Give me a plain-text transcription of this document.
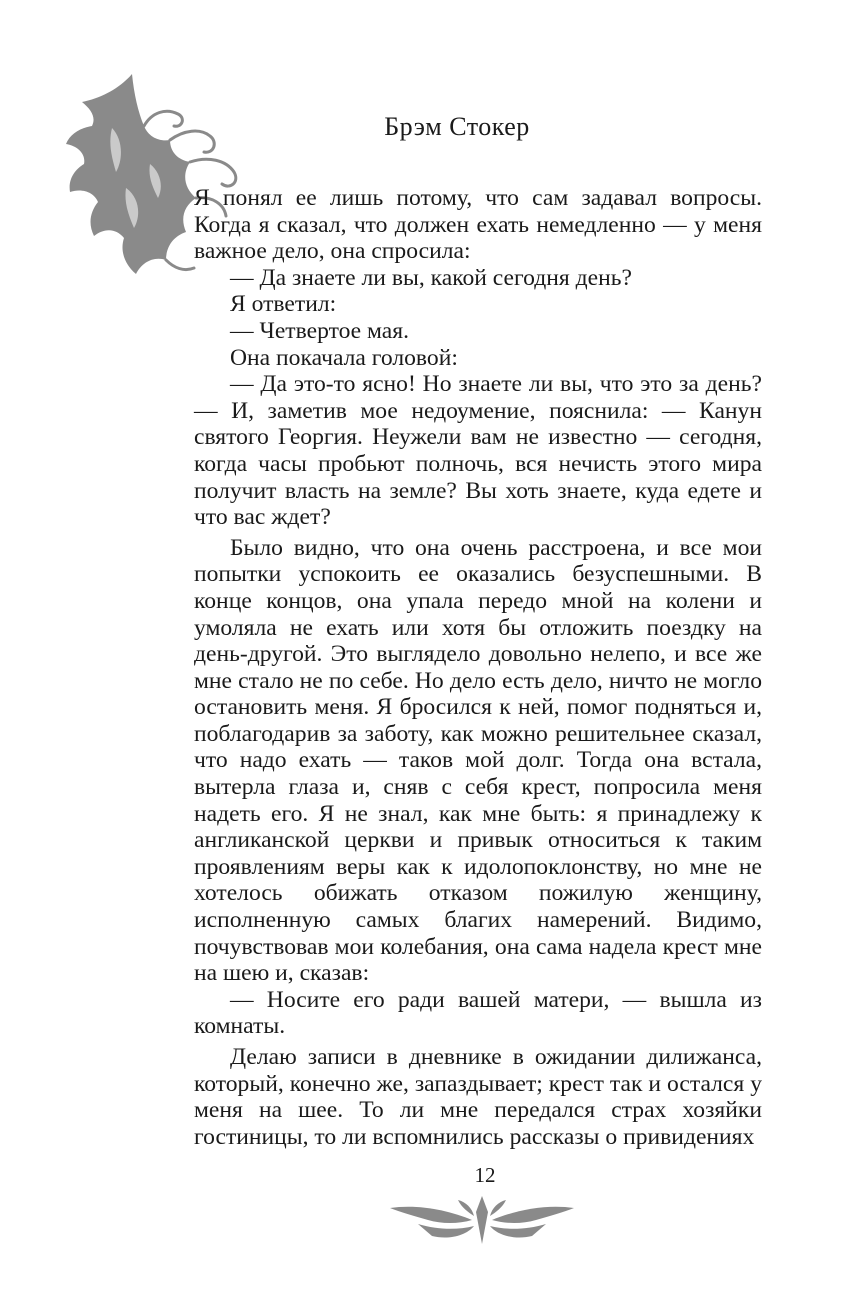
Брэм Стокер

Я понял ее лишь потому, что сам задавал вопросы. Когда я сказал, что должен ехать немедленно — у меня важное дело, она спросила:

— Да знаете ли вы, какой сегодня день?

Я ответил:

— Четвертое мая.

Она покачала головой:

— Да это-то ясно! Но знаете ли вы, что это за день? — И, заметив мое недоумение, пояснила: — Канун святого Георгия. Неужели вам не известно — сегодня, когда часы пробьют полночь, вся нечисть этого мира получит власть на земле? Вы хоть знаете, куда едете и что вас ждет?

Было видно, что она очень расстроена, и все мои попытки успокоить ее оказались безуспешными. В конце концов, она упала передо мной на колени и умоляла не ехать или хотя бы отложить поездку на день-другой. Это выглядело довольно нелепо, и все же мне стало не по себе. Но дело есть дело, ничто не могло остановить меня. Я бросился к ней, помог подняться и, поблагодарив за заботу, как можно решительнее сказал, что надо ехать — таков мой долг. Тогда она встала, вытерла глаза и, сняв с себя крест, попросила меня надеть его. Я не знал, как мне быть: я принадлежу к англиканской церкви и привык относиться к таким проявлениям веры как к идолопоклонству, но мне не хотелось обижать отказом пожилую женщину, исполненную самых благих намерений. Видимо, почувствовав мои колебания, она сама надела крест мне на шею и, сказав:

— Носите его ради вашей матери, — вышла из комнаты.

Делаю записи в дневнике в ожидании дилижанса, который, конечно же, запаздывает; крест так и остался у меня на шее. То ли мне передался страх хозяйки гостиницы, то ли вспомнились рассказы о привидениях

12
